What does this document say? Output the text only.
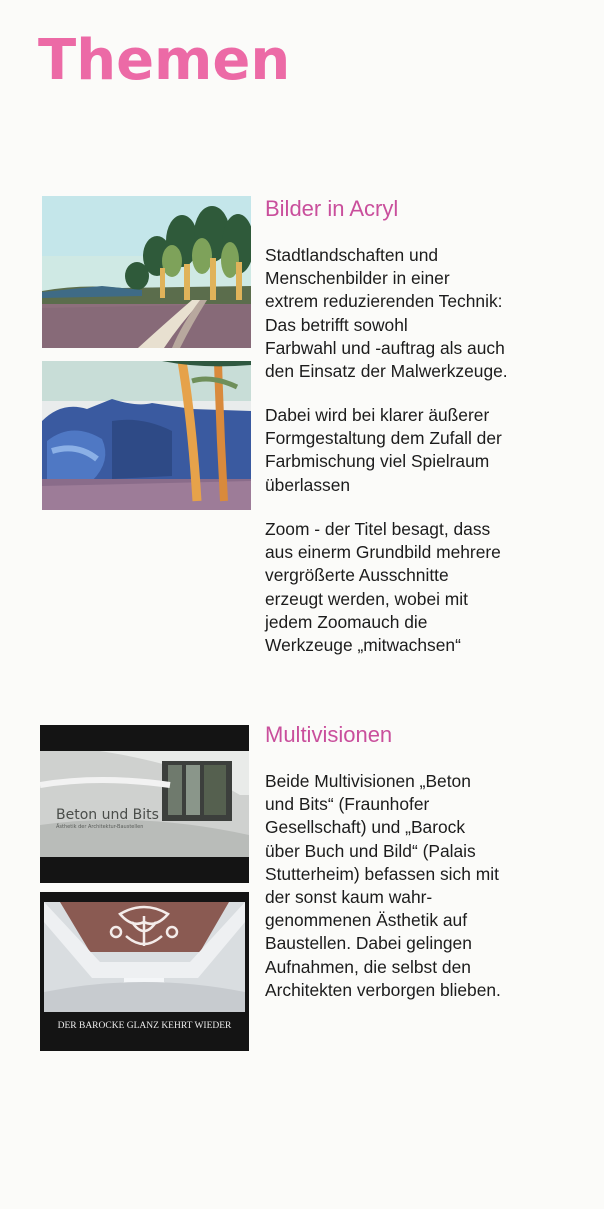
Themen
Bilder in Acryl

Stadtlandschaften und
Menschenbilder in einer
extrem reduzierenden Technik:
Das betrifft sowohl
Farbwahl und -auftrag als auch
den Einsatz der Malwerkzeuge.

Dabei wird bei klarer äußerer
Formgestaltung dem Zufall der
Farbmischung viel Spielraum
überlassen

Zoom - der Titel besagt, dass
aus einerm Grundbild mehrere
vergrößerte Ausschnitte
erzeugt werden, wobei mit
jedem Zoomauch die
Werkzeuge „mitwachsen“

Beton und Bits
Ästhetik der Architektur-Baustellen
DER BAROCKE GLANZ KEHRT WIEDER
Multivisionen

Beide Multivisionen „Beton
und Bits“ (Fraunhofer
Gesellschaft) und „Barock
über Buch und Bild“ (Palais
Stutterheim) befassen sich mit
der sonst kaum wahr-
genommenen Ästhetik auf
Baustellen. Dabei gelingen
Aufnahmen, die selbst den
Architekten verborgen blieben.
